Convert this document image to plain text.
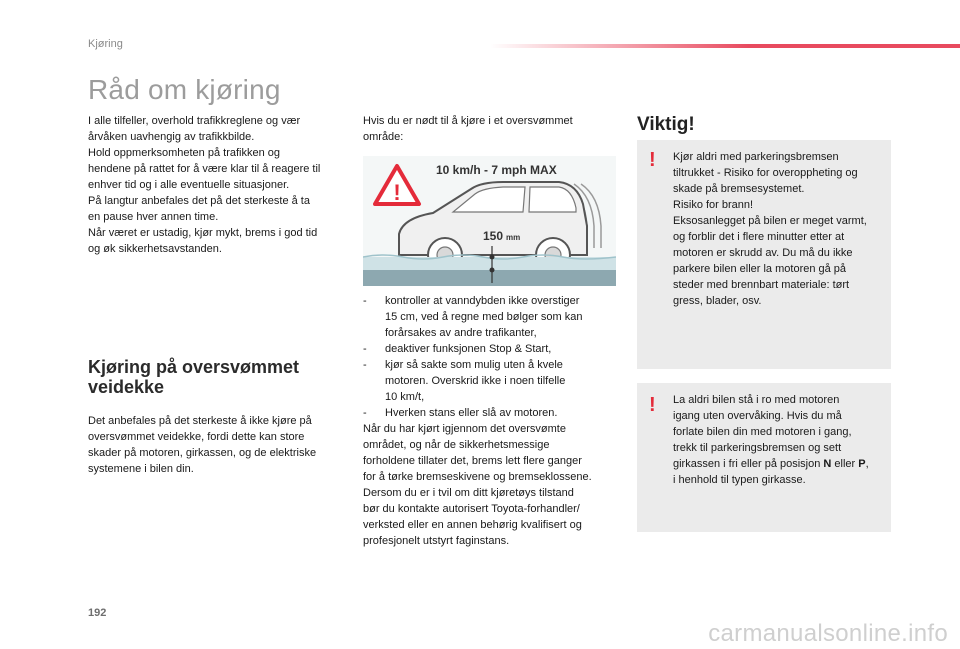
Kjøring
Råd om kjøring

I alle tilfeller, overhold trafikkreglene og vær

årvåken uavhengig av trafikkbilde.

Hold oppmerksomheten på trafikken og

hendene på rattet for å være klar til å reagere til

enhver tid og i alle eventuelle situasjoner.

På langtur anbefales det på det sterkeste å ta

en pause hver annen time.

Når været er ustadig, kjør mykt, brems i god tid

og øk sikkerhetsavstanden.

Kjøring på oversvømmet
veidekke

Det anbefales på det sterkeste å ikke kjøre på

oversvømmet veidekke, fordi dette kan store

skader på motoren, girkassen, og de elektriske

systemene i bilen din.

Hvis du er nødt til å kjøre i et oversvømmet

område:

!
10 km/h - 7 mph MAX
150 mm
- kontroller at vanndybden ikke overstiger

15 cm, ved å regne med bølger som kan

forårsakes av andre trafikanter,

- deaktiver funksjonen Stop & Start,

- kjør så sakte som mulig uten å kvele

motoren. Overskrid ikke i noen tilfelle

10 km/t,

- Hverken stans eller slå av motoren.

Når du har kjørt igjennom det oversvømte

området, og når de sikkerhetsmessige

forholdene tillater det, brems lett flere ganger

for å tørke bremseskivene og bremseklossene.

Dersom du er i tvil om ditt kjøretøys tilstand

bør du kontakte autorisert Toyota-forhandler/

verksted eller en annen behørig kvalifisert og

profesjonelt utstyrt faginstans.

Viktig!
! Kjør aldri med parkeringsbremsen
tiltrukket - Risiko for overoppheting og
skade på bremsesystemet.
Risiko for brann!
Eksosanlegget på bilen er meget varmt,
og forblir det i flere minutter etter at
motoren er skrudd av. Du må du ikke
parkere bilen eller la motoren gå på
steder med brennbart materiale: tørt
gress, blader, osv.
! La aldri bilen stå i ro med motoren
igang uten overvåking. Hvis du må
forlate bilen din med motoren i gang,
trekk til parkeringsbremsen og sett
girkassen i fri eller på posisjon N eller P,
i henhold til typen girkasse.
192
carmanualsonline.info
